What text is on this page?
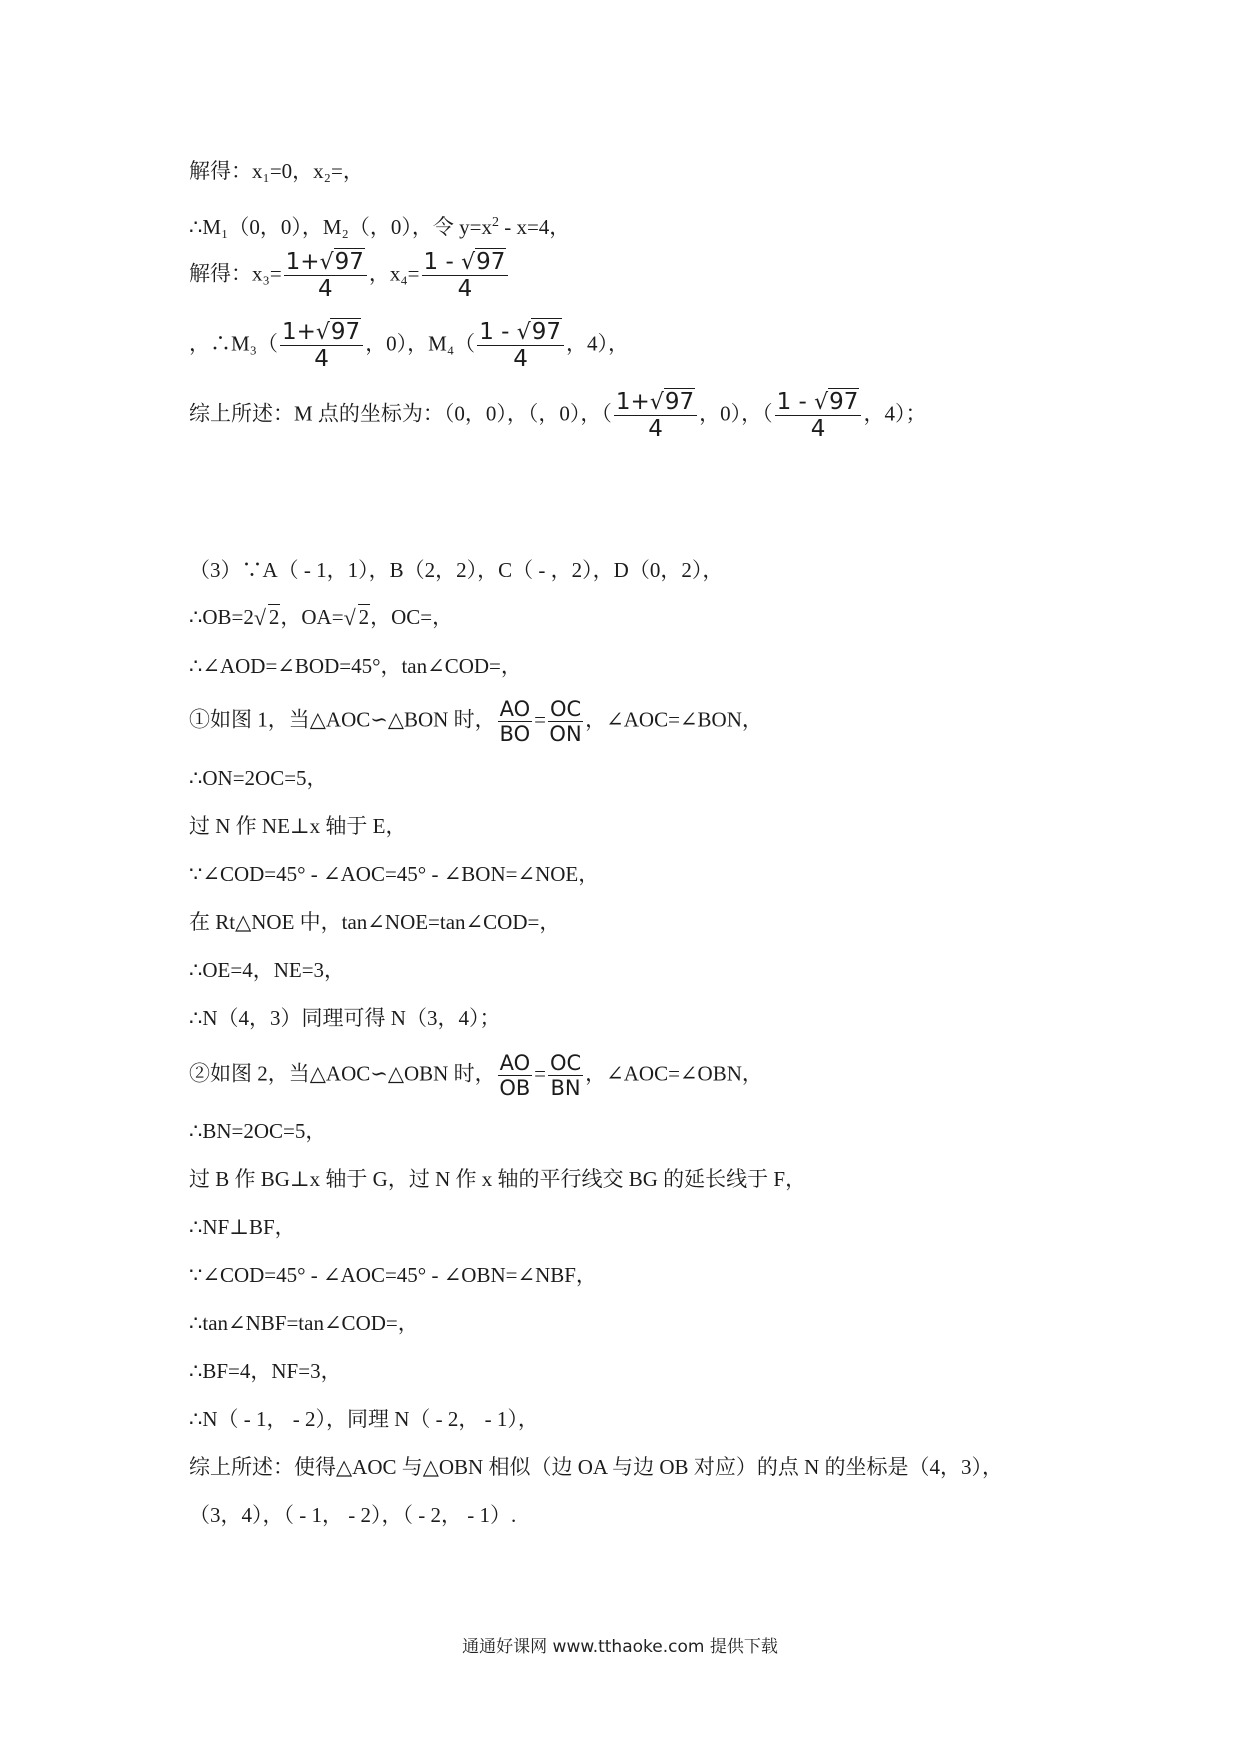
解得：x₁=0，x₂=，
∴M₁（0，0），M₂（，0），令 $y=x^2 - x=4$，
解得：$x_3= \frac{1+ √ 97}{4}$ ，$x_4= \frac{1 - √ 97}{4}$
，∴M₃（ $\frac{1+ √ 97}{4}$ ，0），$M_4( \frac{1 - √ 97}{4}$ ，4），
综上所述：M 点的坐标为：（0，0），（，0），（ $\frac{1+ √ 97}{4}$ ，0），（ $\frac{1 - √ 97}{4}$ ，4）；
（3）∵A（ - 1，1），B（2，2），C（ - ，2），D（0，2），
∴OB=2 √ 2，OA= √ 2，OC=，
∴∠AOD=∠BOD=45°，tan∠COD=，
①如图 1，当△AOC∽△BON 时， $\frac{AO}{BO} = \frac{OC}{ON}$ ，∠AOC=∠BON，
∴ON=2OC=5，
过 N 作 NE⊥x 轴于 E，
∵∠COD=45° - ∠AOC=45° - ∠BON=∠NOE，
在 Rt△NOE 中，tan∠NOE=tan∠COD=，
∴OE=4，NE=3，
∴N（4，3）同理可得 N（3，4）；
②如图 2，当△AOC∽△OBN 时， $\frac{AO}{OB} = \frac{OC}{BN}$ ，∠AOC=∠OBN，
∴BN=2OC=5，
过 B 作 BG⊥x 轴于 G，过 N 作 x 轴的平行线交 BG 的延长线于 F，
∴NF⊥BF，
∵∠COD=45° - ∠AOC=45° - ∠OBN=∠NBF，
∴tan∠NBF=tan∠COD=，
∴BF=4，NF=3，
∴N（ - 1， - 2），同理 N（ - 2， - 1），
综上所述：使得△AOC 与△OBN 相似（边 OA 与边 OB 对应）的点 N 的坐标是（4，3），
（3，4），（ - 1， - 2），（ - 2， - 1）.
通通好课网 www.tthaoke.com 提供下载
